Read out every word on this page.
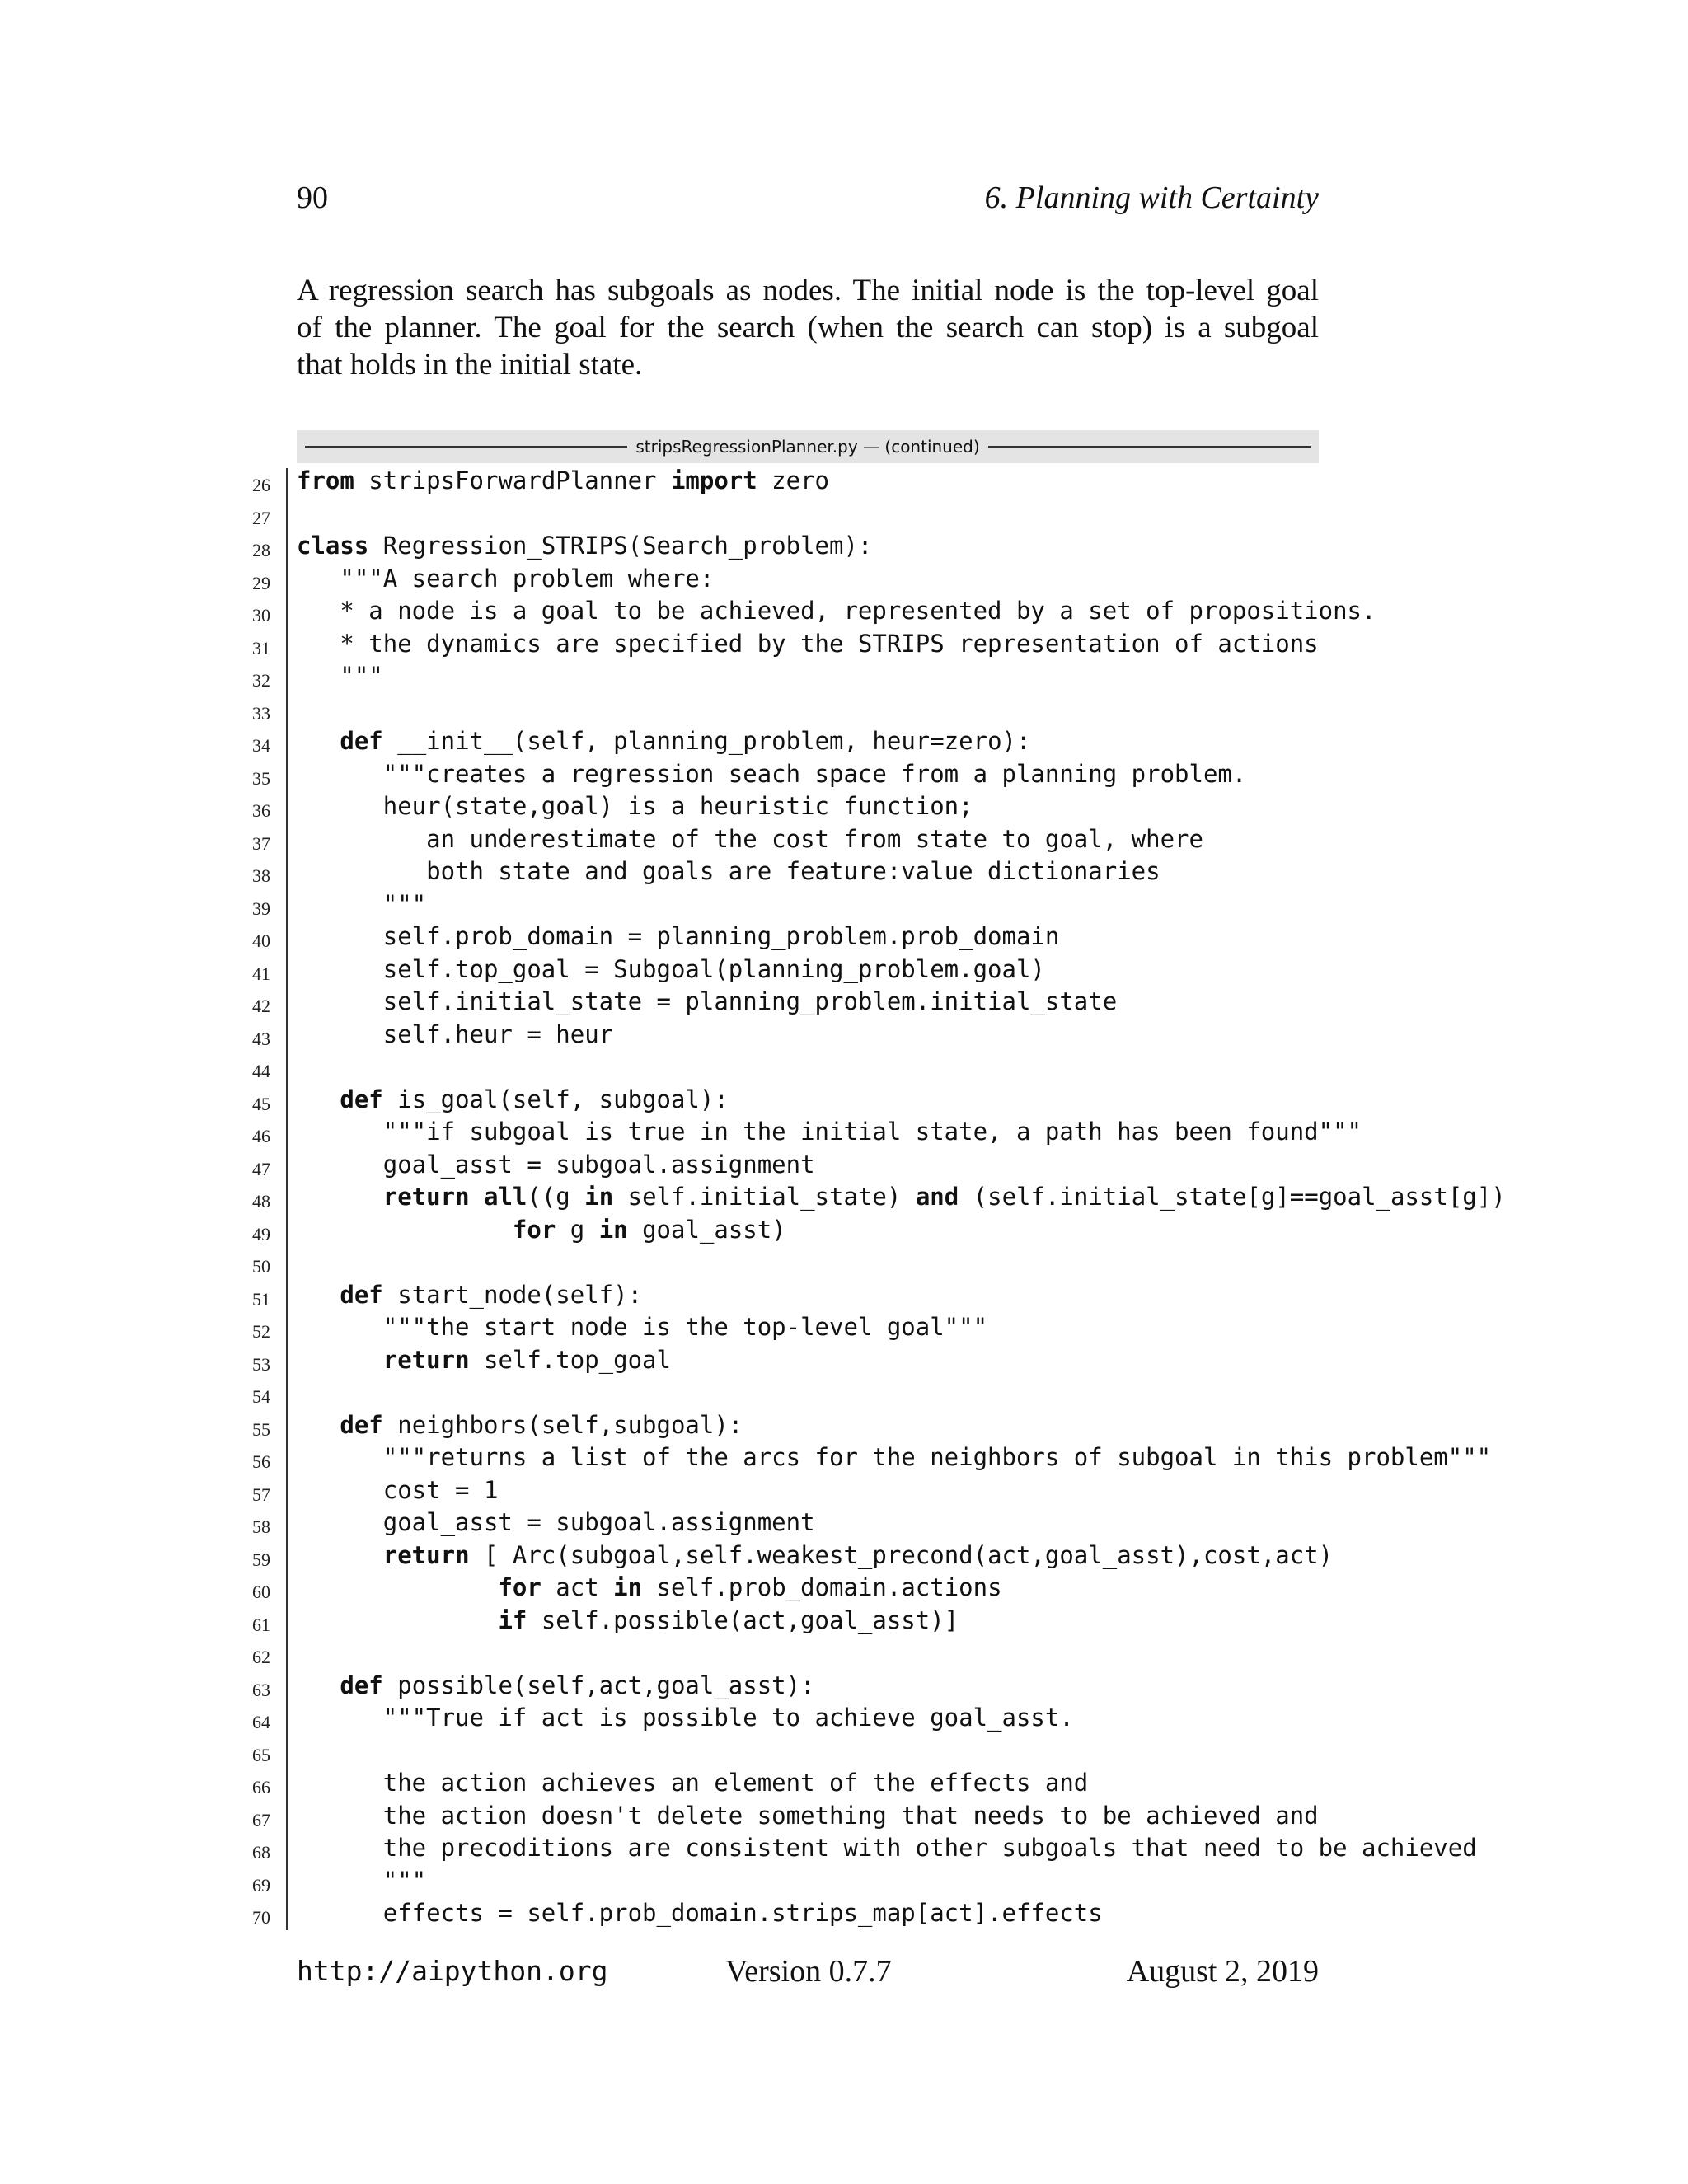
90	6. Planning with Certainty

A regression search has subgoals as nodes. The initial node is the top-level goal
of the planner. The goal for the search (when the search can stop) is a subgoal
that holds in the initial state.

stripsRegressionPlanner.py — (continued)
26 from stripsForwardPlanner import zero
27
28 class Regression_STRIPS(Search_problem):
29 """A search problem where:
30 * a node is a goal to be achieved, represented by a set of propositions.
31 * the dynamics are specified by the STRIPS representation of actions
32 """
33
34	def __init__(self, planning_problem, heur=zero):
35 """creates a regression seach space from a planning problem.
36 heur(state,goal) is a heuristic function;
37 an underestimate of the cost from state to goal, where
38 both state and goals are feature:value dictionaries
39 """
40 self.prob_domain = planning_problem.prob_domain
41 self.top_goal = Subgoal(planning_problem.goal)
42 self.initial_state = planning_problem.initial_state
43 self.heur = heur
44
45	def is_goal(self, subgoal):
46 """if subgoal is true in the initial state, a path has been found"""
47 goal_asst = subgoal.assignment
48	return all((g in self.initial_state) and (self.initial_state[g]==goal_asst[g])
49	for g in goal_asst)
50
51	def start_node(self):
52 """the start node is the top-level goal"""
53	return self.top_goal
54
55	def neighbors(self,subgoal):
56 """returns a list of the arcs for the neighbors of subgoal in this problem"""
57 cost = 1
58 goal_asst = subgoal.assignment
59	return [ Arc(subgoal,self.weakest_precond(act,goal_asst),cost,act)
60	for act in self.prob_domain.actions
61	if self.possible(act,goal_asst)]
62
63	def possible(self,act,goal_asst):
64 """True if act is possible to achieve goal_asst.
65
66 the action achieves an element of the effects and
67 the action doesn't delete something that needs to be achieved and
68 the precoditions are consistent with other subgoals that need to be achieved
69 """
70 effects = self.prob_domain.strips_map[act].effects
http://aipython.org	Version 0.7.7	August 2, 2019
